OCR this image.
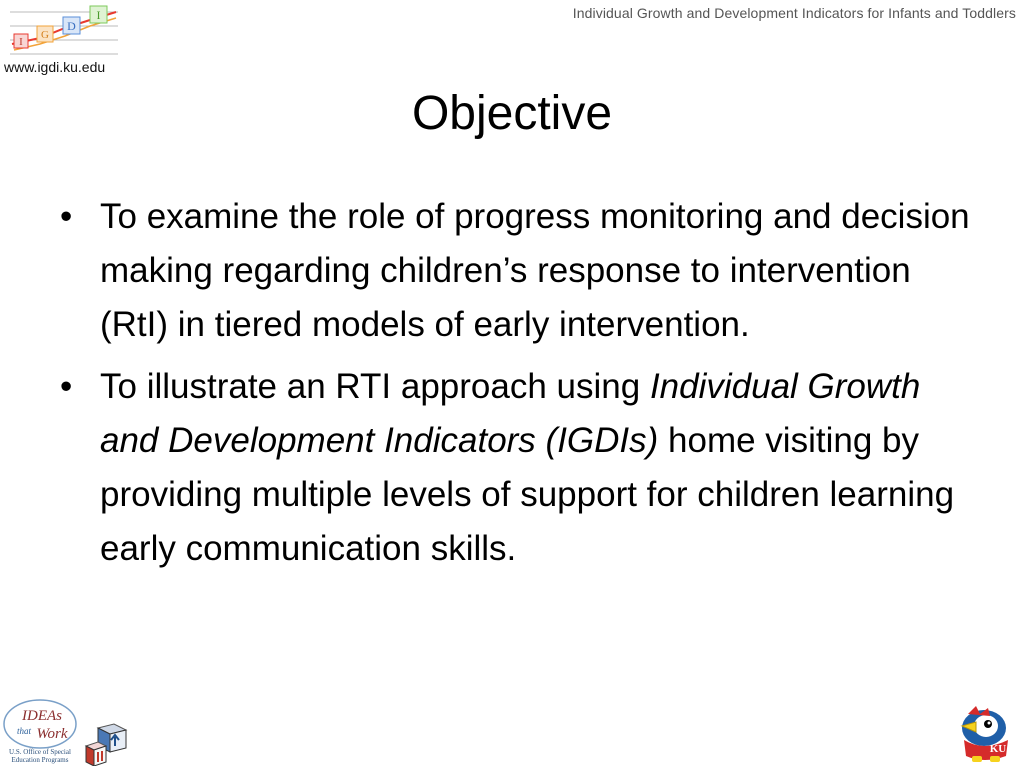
Individual Growth and Development Indicators for Infants and Toddlers
I
G
D
I
www.igdi.ku.edu
Objective
• To examine the role of progress monitoring and decision making regarding children’s response to intervention (RtI) in tiered models of early intervention.
• To illustrate an RTI approach using Individual Growth and Development Indicators (IGDIs) home visiting by providing multiple levels of support for children learning early communication skills.
IDEAs
that Work
U.S. Office of Special
Education Programs
KU
